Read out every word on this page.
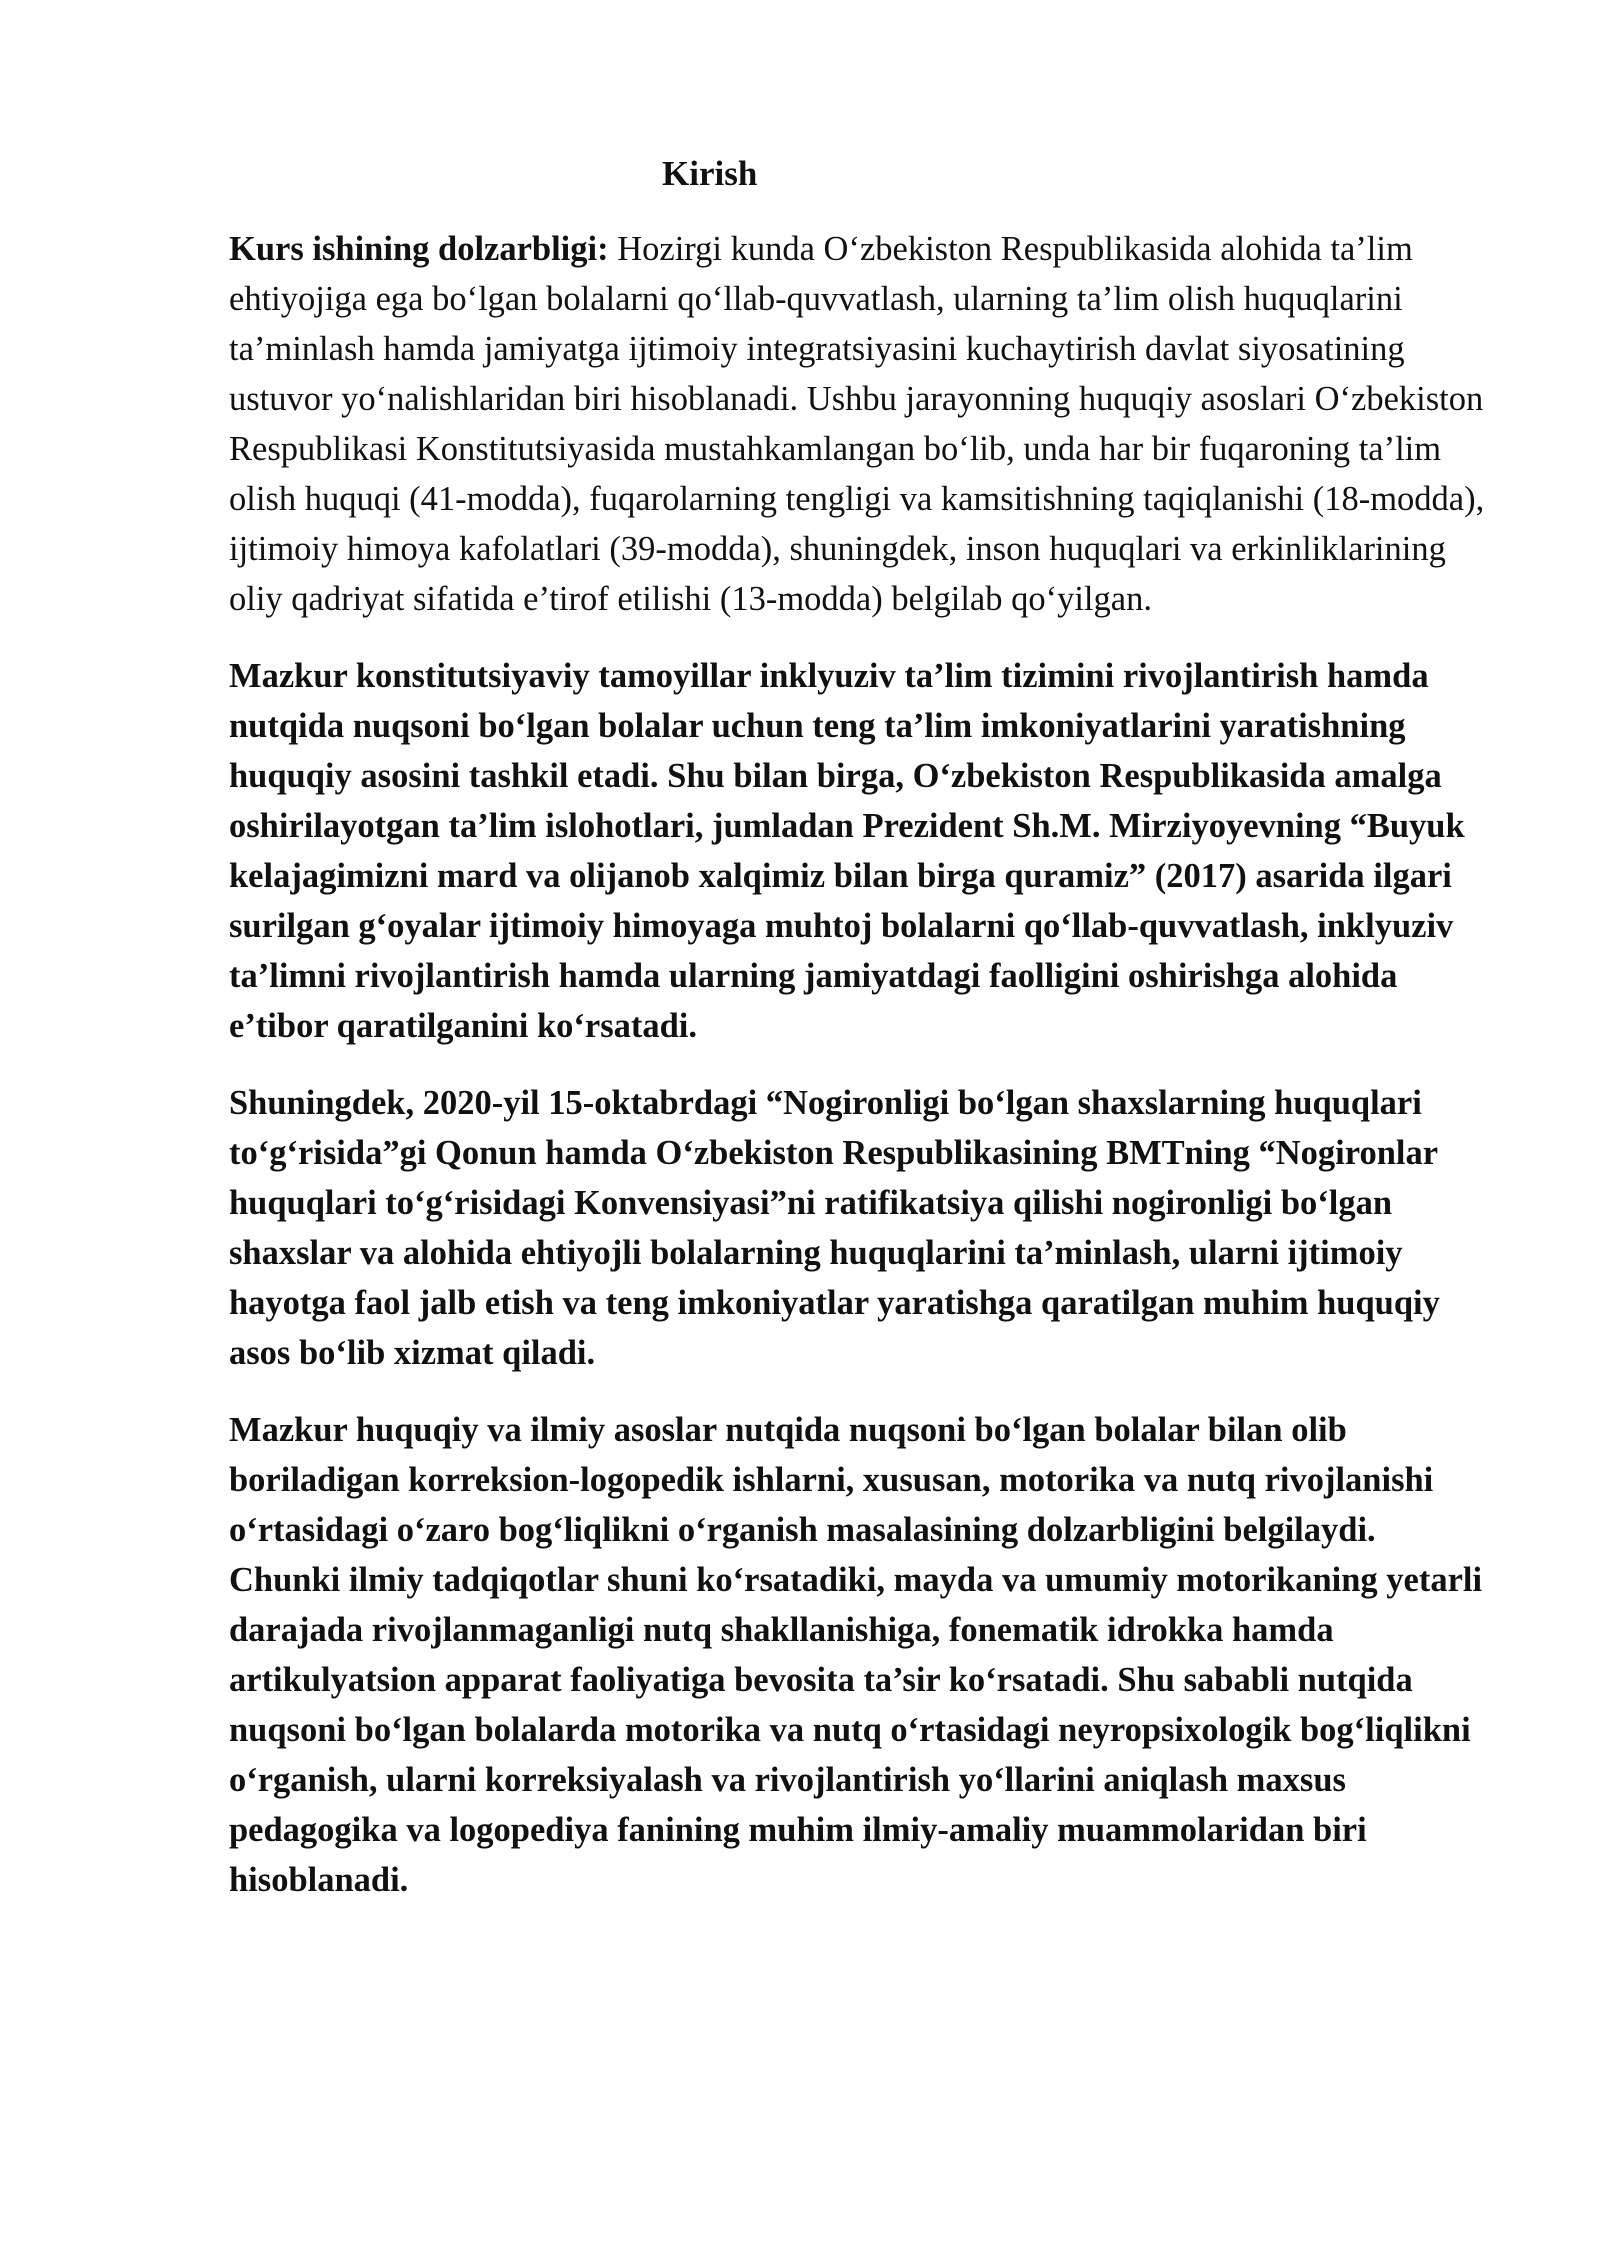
Kirish

Kurs ishining dolzarbligi: Hozirgi kunda O‘zbekiston Respublikasida alohida ta’lim ehtiyojiga ega bo‘lgan bolalarni qo‘llab-quvvatlash, ularning ta’lim olish huquqlarini ta’minlash hamda jamiyatga ijtimoiy integratsiyasini kuchaytirish davlat siyosatining ustuvor yo‘nalishlaridan biri hisoblanadi. Ushbu jarayonning huquqiy asoslari O‘zbekiston Respublikasi Konstitutsiyasida mustahkamlangan bo‘lib, unda har bir fuqaroning ta’lim olish huquqi (41-modda), fuqarolarning tengligi va kamsitishning taqiqlanishi (18-modda), ijtimoiy himoya kafolatlari (39-modda), shuningdek, inson huquqlari va erkinliklarining oliy qadriyat sifatida e’tirof etilishi (13-modda) belgilab qo‘yilgan.

Mazkur konstitutsiyaviy tamoyillar inklyuziv ta’lim tizimini rivojlantirish hamda nutqida nuqsoni bo‘lgan bolalar uchun teng ta’lim imkoniyatlarini yaratishning huquqiy asosini tashkil etadi. Shu bilan birga, O‘zbekiston Respublikasida amalga oshirilayotgan ta’lim islohotlari, jumladan Prezident Sh.M. Mirziyoyevning “Buyuk kelajagimizni mard va olijanob xalqimiz bilan birga quramiz” (2017) asarida ilgari surilgan g‘oyalar ijtimoiy himoyaga muhtoj bolalarni qo‘llab-quvvatlash, inklyuziv ta’limni rivojlantirish hamda ularning jamiyatdagi faolligini oshirishga alohida e’tibor qaratilganini ko‘rsatadi.

Shuningdek, 2020-yil 15-oktabrdagi “Nogironligi bo‘lgan shaxslarning huquqlari to‘g‘risida”gi Qonun hamda O‘zbekiston Respublikasining BMTning “Nogironlar huquqlari to‘g‘risidagi Konvensiyasi”ni ratifikatsiya qilishi nogironligi bo‘lgan shaxslar va alohida ehtiyojli bolalarning huquqlarini ta’minlash, ularni ijtimoiy hayotga faol jalb etish va teng imkoniyatlar yaratishga qaratilgan muhim huquqiy asos bo‘lib xizmat qiladi.

Mazkur huquqiy va ilmiy asoslar nutqida nuqsoni bo‘lgan bolalar bilan olib boriladigan korreksion-logopedik ishlarni, xususan, motorika va nutq rivojlanishi o‘rtasidagi o‘zaro bog‘liqlikni o‘rganish masalasining dolzarbligini belgilaydi. Chunki ilmiy tadqiqotlar shuni ko‘rsatadiki, mayda va umumiy motorikaning yetarli darajada rivojlanmaganligi nutq shakllanishiga, fonematik idrokka hamda artikulyatsion apparat faoliyatiga bevosita ta’sir ko‘rsatadi. Shu sababli nutqida nuqsoni bo‘lgan bolalarda motorika va nutq o‘rtasidagi neyropsixologik bog‘liqlikni o‘rganish, ularni korreksiyalash va rivojlantirish yo‘llarini aniqlash maxsus pedagogika va logopediya fanining muhim ilmiy-amaliy muammolaridan biri hisoblanadi.
